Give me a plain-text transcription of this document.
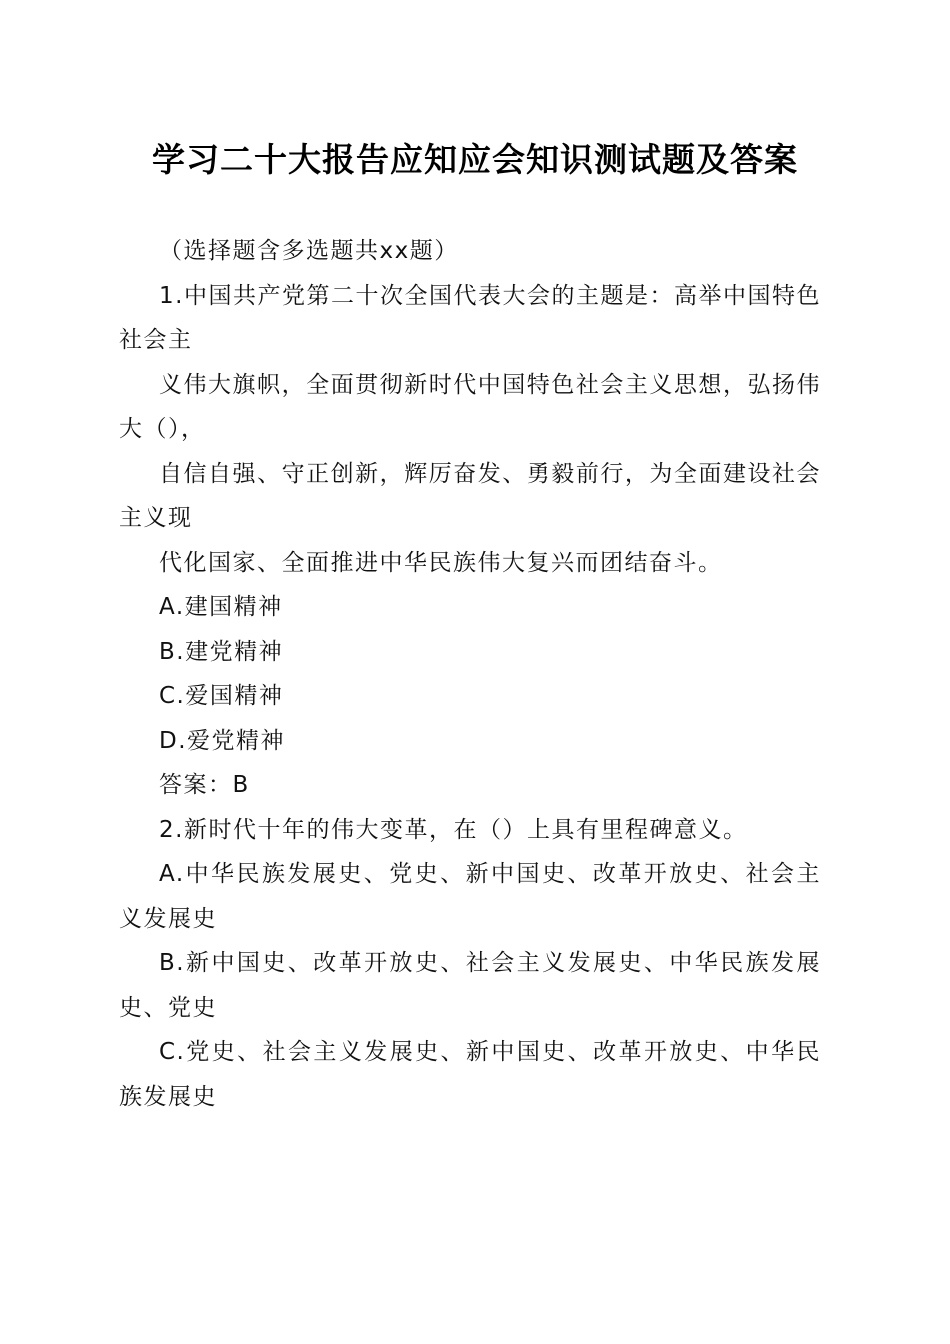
学习二十大报告应知应会知识测试题及答案

（选择题含多选题共xx题）

1.中国共产党第二十次全国代表大会的主题是：高举中国特色社会主

义伟大旗帜，全面贯彻新时代中国特色社会主义思想，弘扬伟大（），

自信自强、守正创新，辉厉奋发、勇毅前行，为全面建设社会主义现

代化国家、全面推进中华民族伟大复兴而团结奋斗。

A.建国精神

B.建党精神

C.爱国精神

D.爱党精神

答案：B

2.新时代十年的伟大变革，在（）上具有里程碑意义。

A.中华民族发展史、党史、新中国史、改革开放史、社会主义发展史

B.新中国史、改革开放史、社会主义发展史、中华民族发展史、党史

C.党史、社会主义发展史、新中国史、改革开放史、中华民族发展史
